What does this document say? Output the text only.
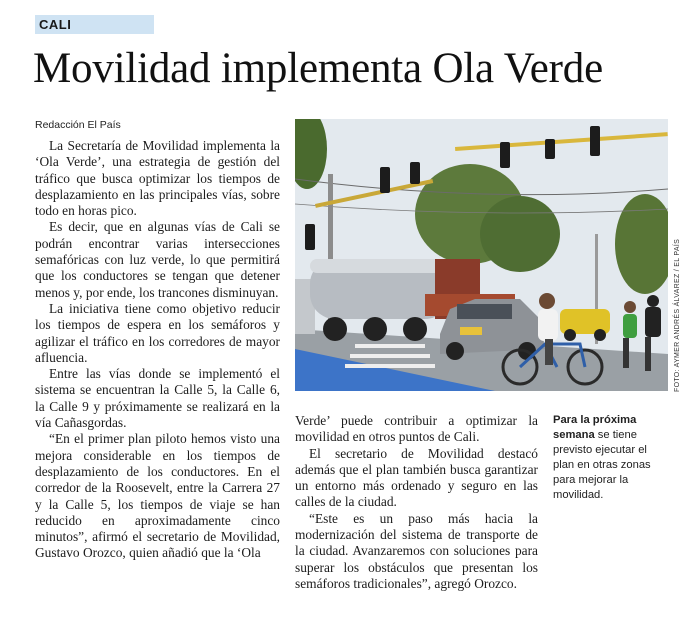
CALI
Movilidad implementa Ola Verde
Redacción El País

La Secretaría de Movilidad implementa la ‘Ola Verde’, una estrategia de gestión del tráfico que busca optimizar los tiempos de desplazamiento en las principales vías, sobre todo en horas pico.

Es decir, que en algunas vías de Cali se podrán encontrar varias intersecciones semafóricas con luz verde, lo que permitirá que los conductores se tengan que detener menos y, por ende, los trancones disminuyan.

La iniciativa tiene como objetivo reducir los tiempos de espera en los semáforos y agilizar el tráfico en los corredores de mayor afluencia.

Entre las vías donde se implementó el sistema se encuentran la Calle 5, la Calle 6, la Calle 9 y próximamente se realizará en la vía Cañasgordas.

“En el primer plan piloto hemos visto una mejora considerable en los tiempos de desplazamiento de los conductores. En el corredor de la Roosevelt, entre la Carrera 27 y la Calle 5, los tiempos de viaje se han reducido en aproximadamente cinco minutos”, afirmó el secretario de Movilidad, Gustavo Orozco, quien añadió que la ‘Ola

FOTO: AYMER ANDRÉS ÁLVAREZ / EL PAÍS

Verde’ puede contribuir a optimizar la movilidad en otros puntos de Cali.

El secretario de Movilidad destacó además que el plan también busca garantizar un entorno más ordenado y seguro en las calles de la ciudad.

“Este es un paso más hacia la modernización del sistema de transporte de la ciudad. Avanzaremos con soluciones para superar los obstáculos que presentan los semáforos tradicionales”, agregó Orozco.

Para la próxima semana se tiene previsto ejecutar el plan en otras zonas para mejorar la movilidad.
